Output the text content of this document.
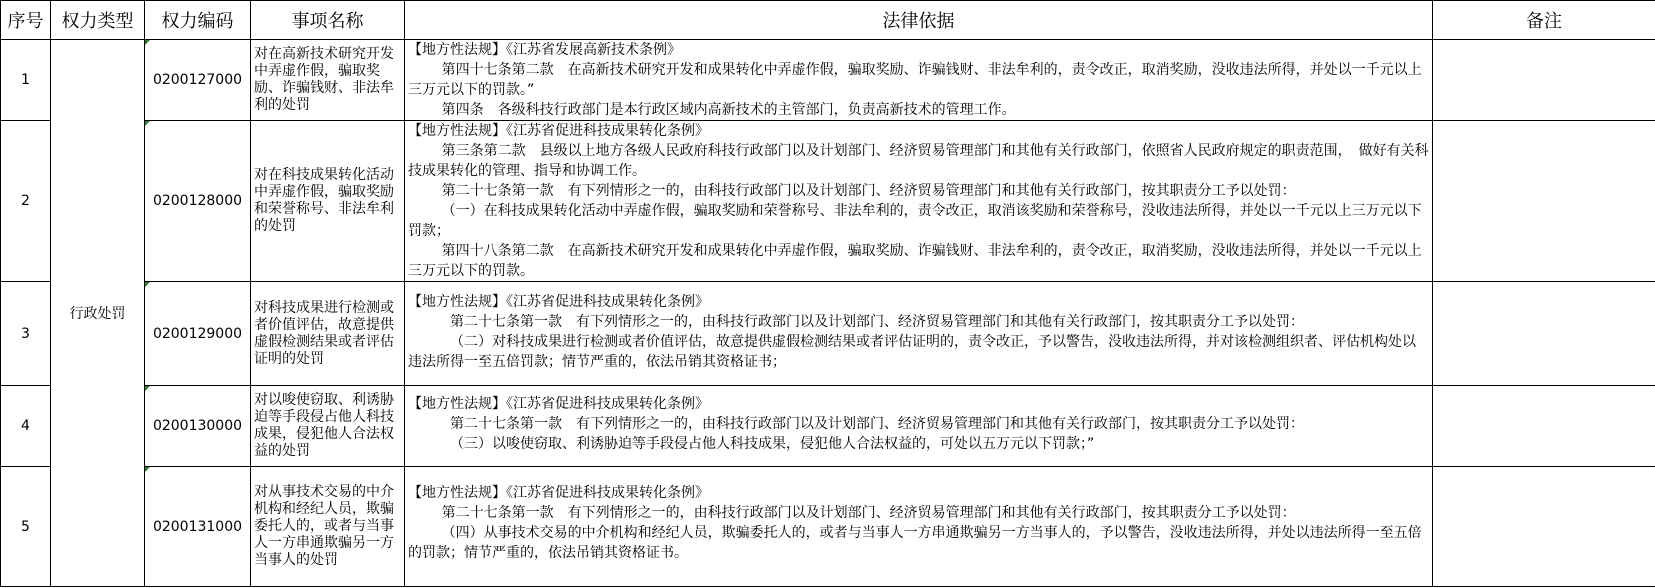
序号	权力类型	权力编码	事项名称	法律依据	备注
1	行政处罚	0200127000	对在高新技术研究开发中弄虚作假，骗取奖励、诈骗钱财、非法牟利的处罚	【地方性法规】《江苏省发展高新技术条例》

第四十七条第二款　在高新技术研究开发和成果转化中弄虚作假，骗取奖励、诈骗钱财、非法牟利的，责令改正，取消奖励，没收违法所得，并处以一千元以上三万元以下的罚款。”

第四条　各级科技行政部门是本行政区域内高新技术的主管部门，负责高新技术的管理工作。	

2		0200128000	对在科技成果转化活动中弄虚作假，骗取奖励和荣誉称号、非法牟利的处罚	【地方性法规】《江苏省促进科技成果转化条例》

第三条第二款　县级以上地方各级人民政府科技行政部门以及计划部门、经济贸易管理部门和其他有关行政部门，依照省人民政府规定的职责范围，　做好有关科技成果转化的管理、指导和协调工作。

第二十七条第一款　有下列情形之一的，由科技行政部门以及计划部门、经济贸易管理部门和其他有关行政部门，按其职责分工予以处罚：

（一）在科技成果转化活动中弄虚作假，骗取奖励和荣誉称号、非法牟利的，责令改正，取消该奖励和荣誉称号，没收违法所得，并处以一千元以上三万元以下罚款；

第四十八条第二款　在高新技术研究开发和成果转化中弄虚作假，骗取奖励、诈骗钱财、非法牟利的，责令改正，取消奖励，没收违法所得，并处以一千元以上三万元以下的罚款。	

3		0200129000	对科技成果进行检测或者价值评估，故意提供虚假检测结果或者评估证明的处罚	【地方性法规】《江苏省促进科技成果转化条例》

第二十七条第一款　有下列情形之一的，由科技行政部门以及计划部门、经济贸易管理部门和其他有关行政部门，按其职责分工予以处罚：

（二）对科技成果进行检测或者价值评估，故意提供虚假检测结果或者评估证明的，责令改正，予以警告，没收违法所得，并对该检测组织者、评估机构处以违法所得一至五倍罚款；情节严重的，依法吊销其资格证书；	

4		0200130000	对以唆使窃取、利诱胁迫等手段侵占他人科技成果，侵犯他人合法权益的处罚	【地方性法规】《江苏省促进科技成果转化条例》

第二十七条第一款　有下列情形之一的，由科技行政部门以及计划部门、经济贸易管理部门和其他有关行政部门，按其职责分工予以处罚：

（三）以唆使窃取、利诱胁迫等手段侵占他人科技成果，侵犯他人合法权益的，可处以五万元以下罚款；”	

5		0200131000	对从事技术交易的中介机构和经纪人员，欺骗委托人的，或者与当事人一方串通欺骗另一方当事人的处罚	【地方性法规】《江苏省促进科技成果转化条例》

第二十七条第一款　有下列情形之一的，由科技行政部门以及计划部门、经济贸易管理部门和其他有关行政部门，按其职责分工予以处罚：

（四）从事技术交易的中介机构和经纪人员，欺骗委托人的，或者与当事人一方串通欺骗另一方当事人的，予以警告，没收违法所得，并处以违法所得一至五倍的罚款；情节严重的，依法吊销其资格证书。	
